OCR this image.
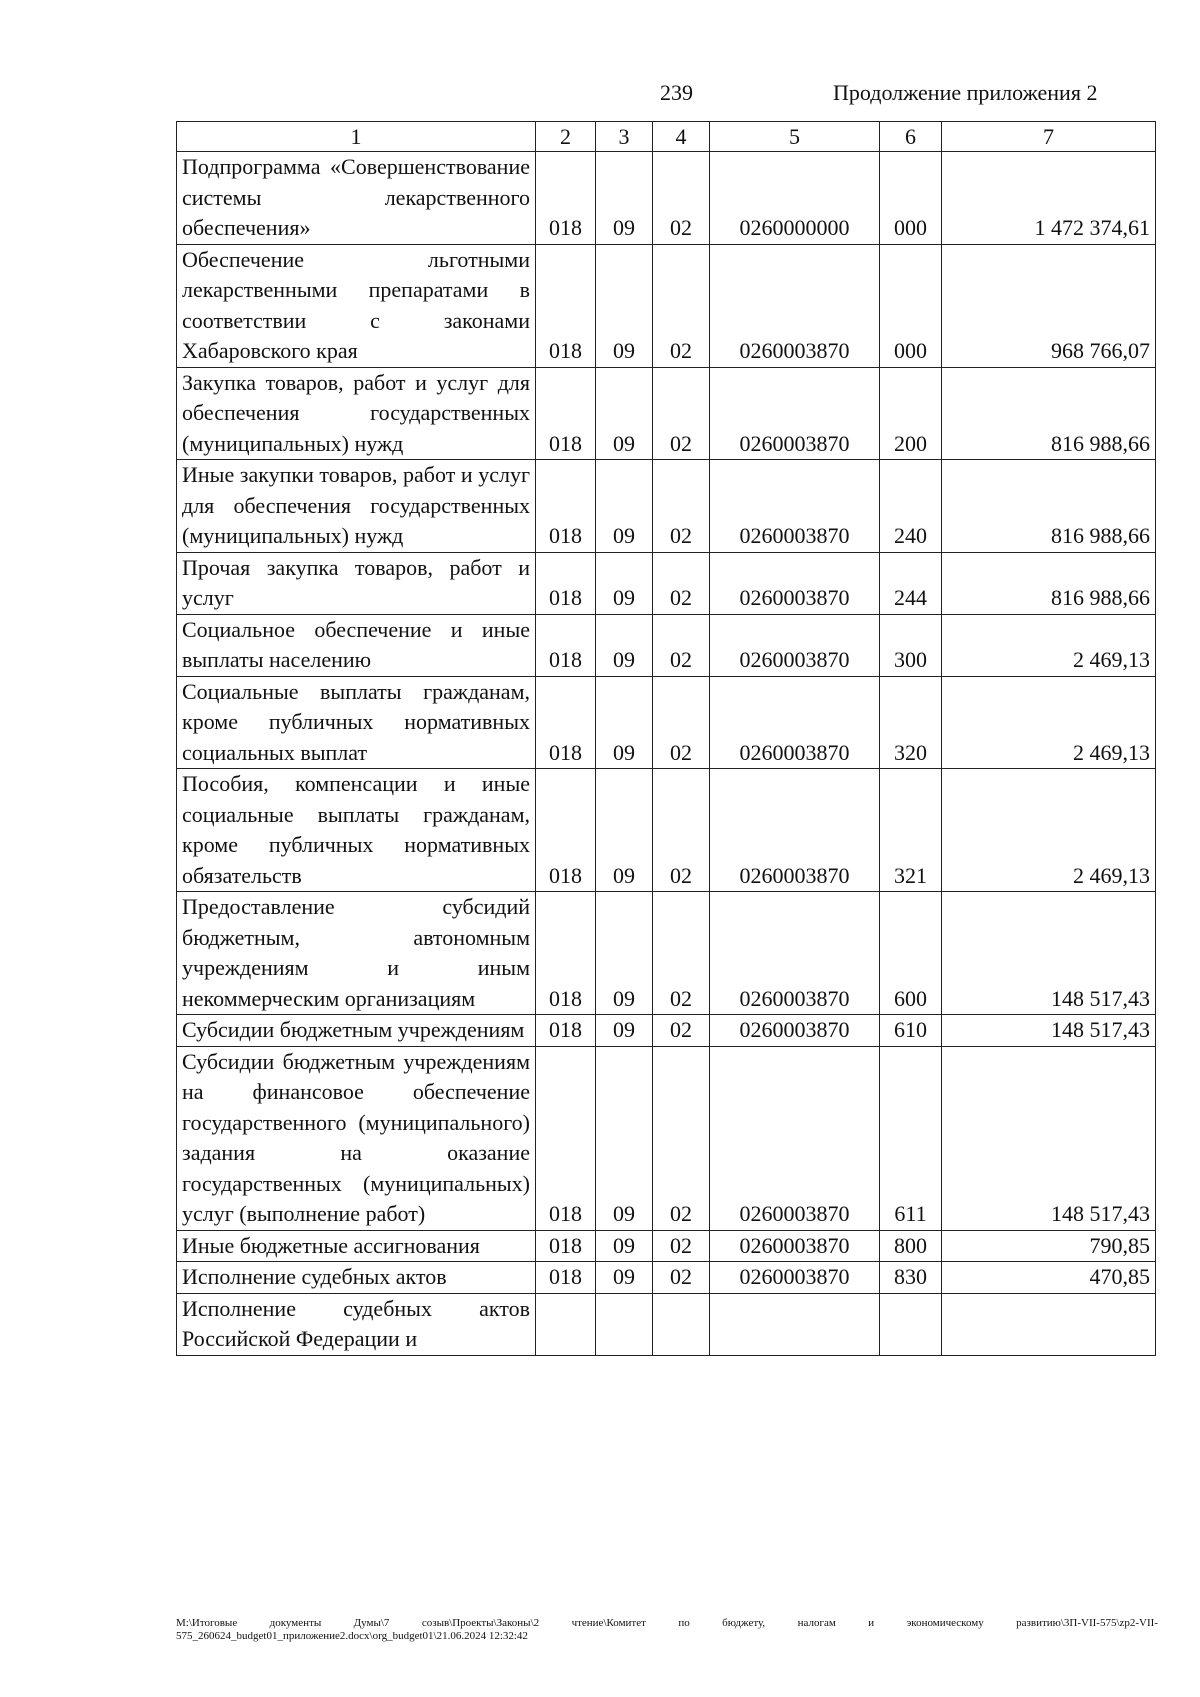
239	Продолжение приложения 2
1	2	3	4	5	6	7
Подпрограмма «Совершенствование системы лекарственного обеспечения»	018	09	02	0260000000	000	1 472 374,61
Обеспечение льготными лекарственными препаратами в соответствии с законами Хабаровского края	018	09	02	0260003870	000	968 766,07
Закупка товаров, работ и услуг для обеспечения государственных (муниципальных) нужд	018	09	02	0260003870	200	816 988,66
Иные закупки товаров, работ и услуг для обеспечения государственных (муниципальных) нужд	018	09	02	0260003870	240	816 988,66
Прочая закупка товаров, работ и услуг	018	09	02	0260003870	244	816 988,66
Социальное обеспечение и иные выплаты населению	018	09	02	0260003870	300	2 469,13
Социальные выплаты гражданам, кроме публичных нормативных социальных выплат	018	09	02	0260003870	320	2 469,13
Пособия, компенсации и иные социальные выплаты гражданам, кроме публичных нормативных обязательств	018	09	02	0260003870	321	2 469,13
Предоставление субсидий бюджетным, автономным учреждениям и иным некоммерческим организациям	018	09	02	0260003870	600	148 517,43
Субсидии бюджетным учреждениям	018	09	02	0260003870	610	148 517,43
Субсидии бюджетным учреждениям на финансовое обеспечение государственного (муниципального) задания на оказание государственных (муниципальных) услуг (выполнение работ)	018	09	02	0260003870	611	148 517,43
Иные бюджетные ассигнования	018	09	02	0260003870	800	790,85
Исполнение судебных актов	018	09	02	0260003870	830	470,85
Исполнение судебных актов Российской Федерации и						
M:\Итоговые документы Думы\7 созыв\Проекты\Законы\2 чтение\Комитет по бюджету, налогам и экономическому развитию\3П-VII-575\zp2-VII-575_260624_budget01_приложение2.docx\org_budget01\21.06.2024 12:32:42
